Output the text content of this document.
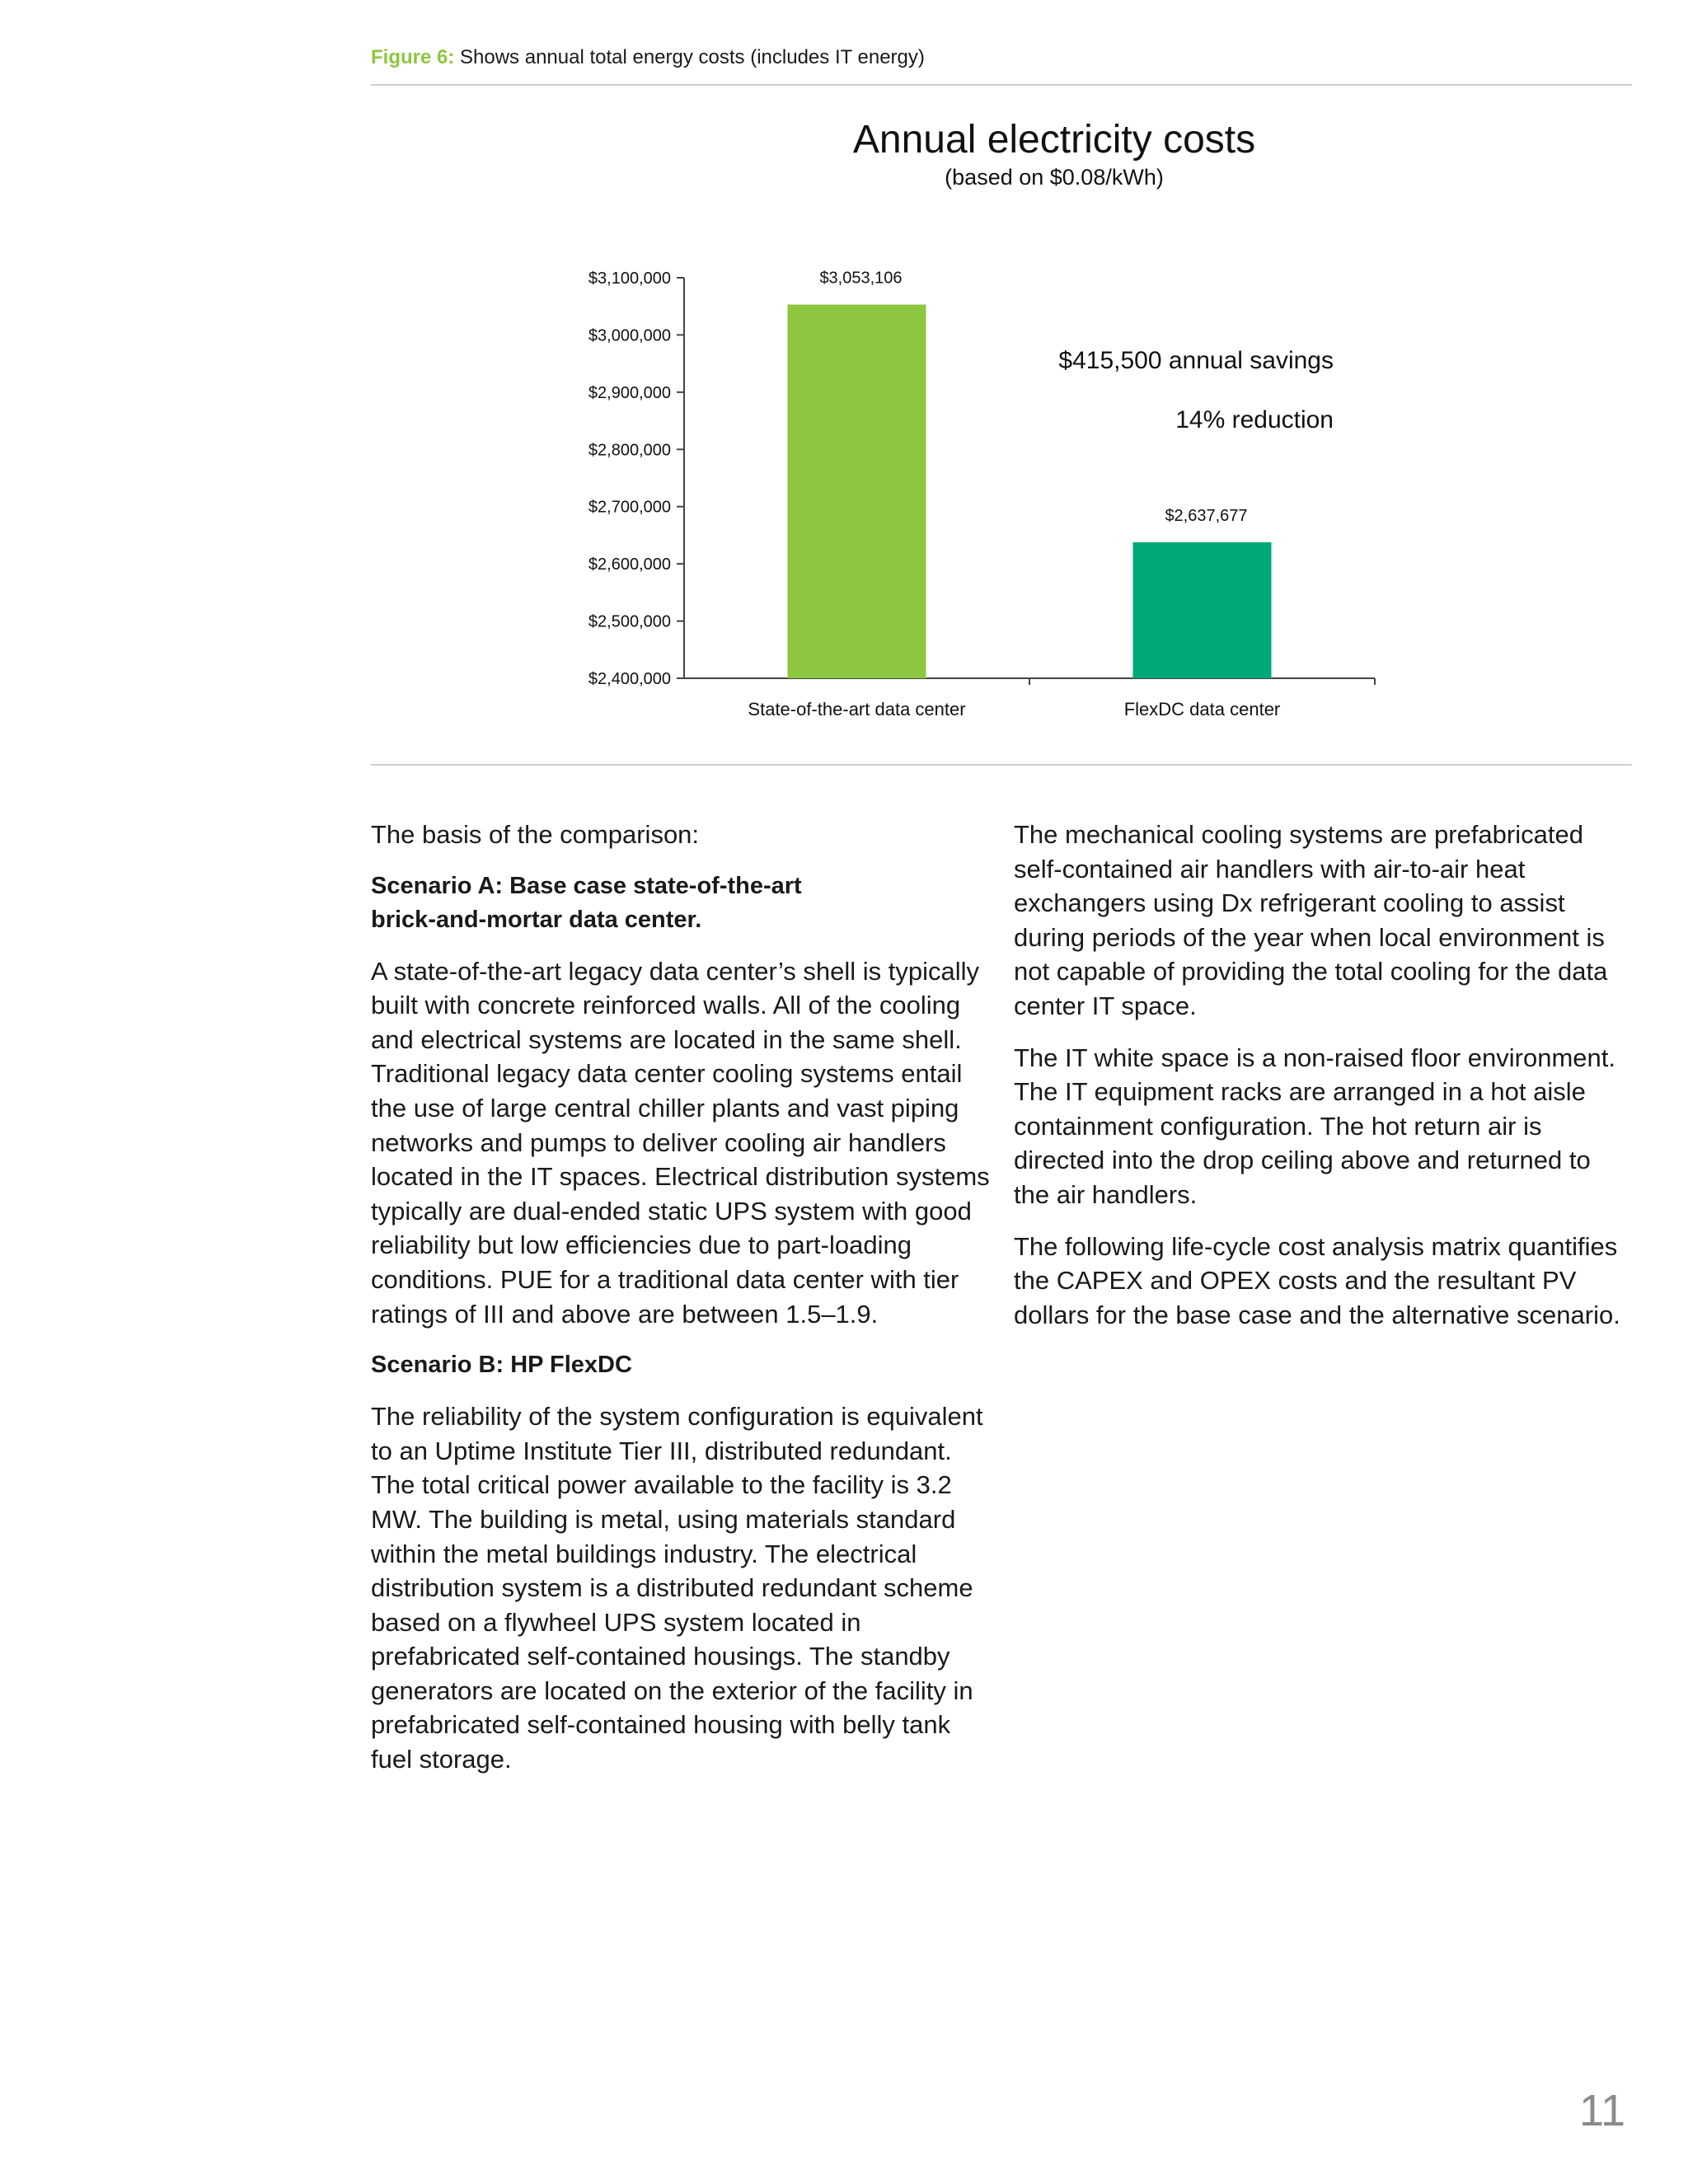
Figure 6: Shows annual total energy costs (includes IT energy)
Annual electricity costs
(based on $0.08/kWh)
$2,400,000
$2,500,000
$2,600,000
$2,700,000
$2,800,000
$2,900,000
$3,000,000
$3,100,000	$3,053,106
State-of-the-art data center
$2,637,677
FlexDC data center
$415,500 annual savings
14% reduction

The basis of the comparison:

Scenario A: Base case state-of-the-art
brick-and-mortar data center.

A state-of-the-art legacy data center’s shell is typically built with concrete reinforced walls. All of the cooling and electrical systems are located in the same shell. Traditional legacy data center cooling systems entail the use of large central chiller plants and vast piping networks and pumps to deliver cooling air handlers located in the IT spaces. Electrical distribution systems typically are dual-ended static UPS system with good reliability but low efficiencies due to part-loading conditions. PUE for a traditional data center with tier ratings of III and above are between 1.5–1.9.

Scenario B: HP FlexDC

The reliability of the system configuration is equivalent to an Uptime Institute Tier III, distributed redundant. The total critical power available to the facility is 3.2 MW. The building is metal, using materials standard within the metal buildings industry. The electrical distribution system is a distributed redundant scheme based on a flywheel UPS system located in prefabricated self-contained housings. The standby generators are located on the exterior of the facility in prefabricated self-contained housing with belly tank fuel storage.

The mechanical cooling systems are prefabricated self-contained air handlers with air-to-air heat exchangers using Dx refrigerant cooling to assist during periods of the year when local environment is not capable of providing the total cooling for the data center IT space.

The IT white space is a non-raised floor environment. The IT equipment racks are arranged in a hot aisle containment configuration. The hot return air is directed into the drop ceiling above and returned to the air handlers.

The following life-cycle cost analysis matrix quantifies the CAPEX and OPEX costs and the resultant PV dollars for the base case and the alternative scenario.

11
